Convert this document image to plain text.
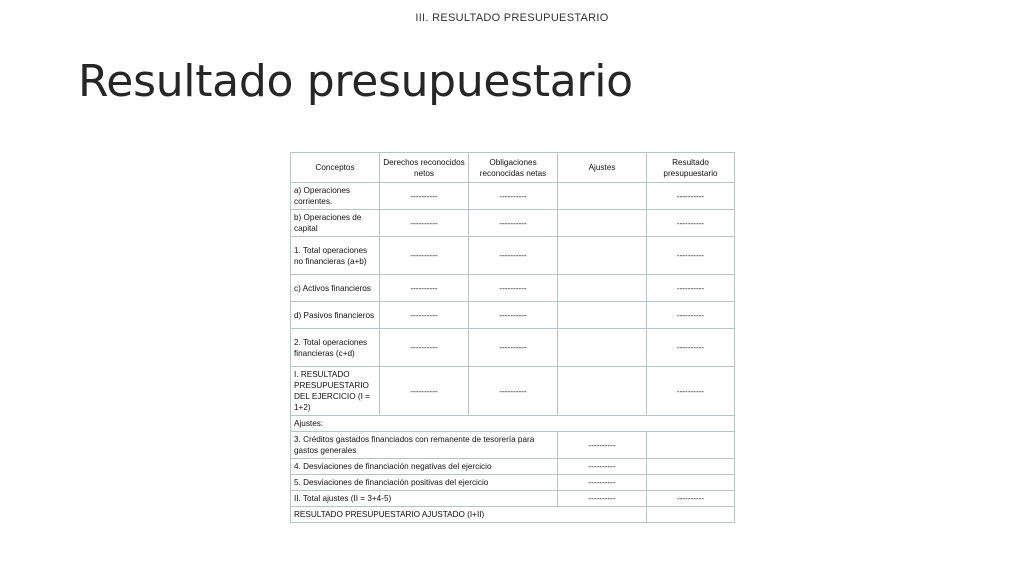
III. RESULTADO PRESUPUESTARIO
Resultado presupuestario
Conceptos	Derechos reconocidos netos	Obligaciones reconocidas netas	Ajustes	Resultado presupuestario
a) Operaciones corrientes.	----------	----------		----------
b) Operaciones de capital	----------	----------		----------
1. Total operaciones no financieras (a+b)	----------	----------		----------
c) Activos financieros	----------	----------		----------
d) Pasivos financieros	----------	----------		----------
2. Total operaciones financieras (c+d)	----------	----------		----------
I. RESULTADO PRESUPUESTARIO DEL EJERCICIO (I = 1+2)	----------	----------		----------
Ajustes:				
3. Créditos gastados financiados con remanente de tesorería para gastos generales			----------	
4. Desviaciones de financiación negativas del ejercicio			----------	
5. Desviaciones de financiación positivas del ejercicio			----------	
II. Total ajustes (II = 3+4-5)			----------	----------
RESULTADO PRESUPUESTARIO AJUSTADO (I+II)				
